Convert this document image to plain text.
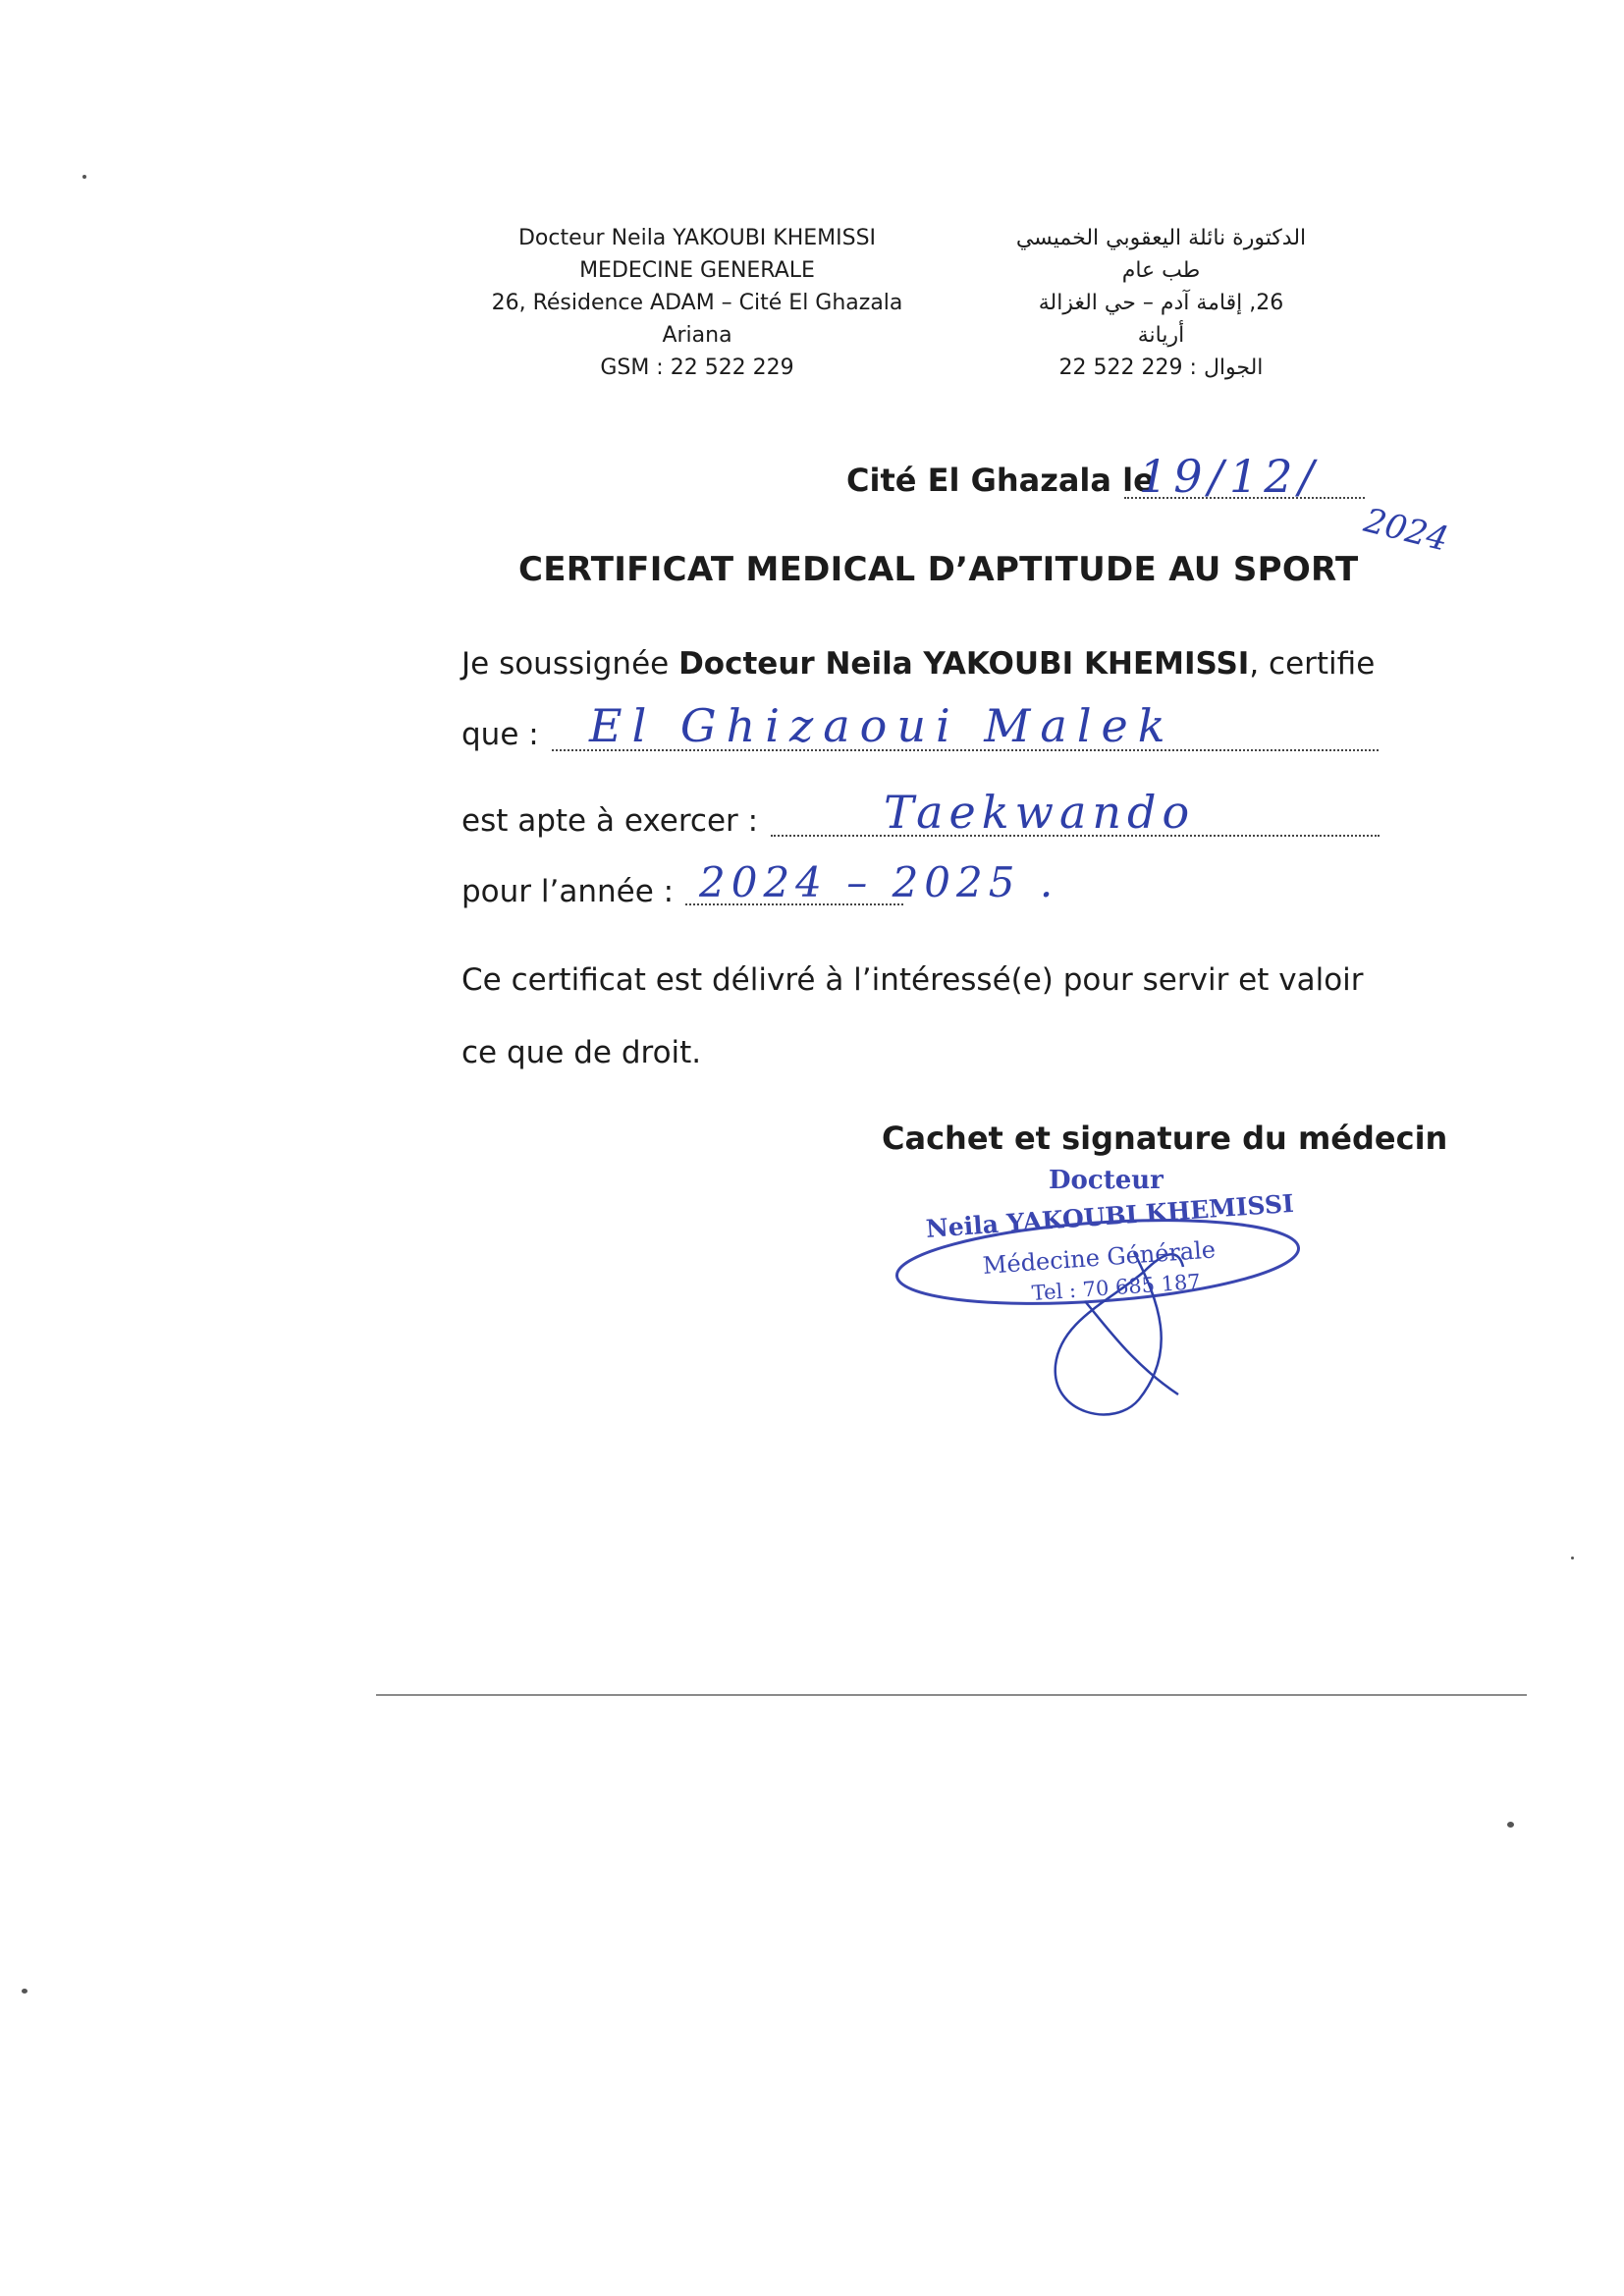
Docteur Neila YAKOUBI KHEMISSI
MEDECINE GENERALE
26, Résidence ADAM – Cité El Ghazala
Ariana
GSM : 22 522 229
الدكتورة نائلة اليعقوبي الخميسي
طب عام
26, إقامة آدم – حي الغزالة
أريانة
الجوال : 229 522 22
Cité El Ghazala le
19/12/
2024
CERTIFICAT MEDICAL D’APTITUDE AU SPORT
Je soussignée Docteur Neila YAKOUBI KHEMISSI, certifie
que : El Ghizaoui Malek
est apte à exercer :	Taekwando
pour l’année : 2024 – 2025 .
Ce certificat est délivré à l’intéressé(e) pour servir et valoir
ce que de droit.
Cachet et signature du médecin
Docteur
Neila YAKOUBI KHEMISSI
Médecine Générale
Tel : 70 685 187
